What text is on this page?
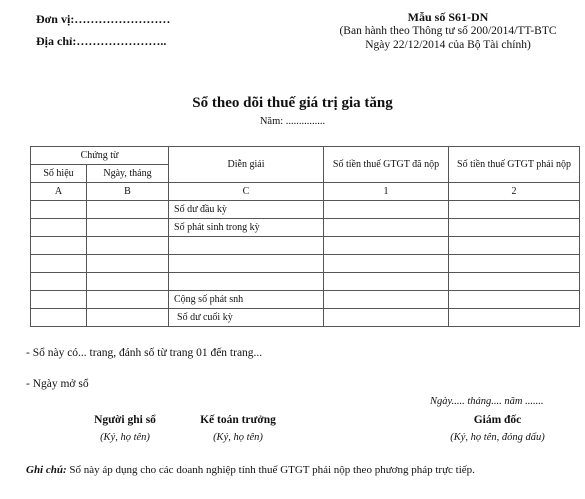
Đơn vị:……………………
Địa chỉ:…………………..
Mẫu số S61-DN
(Ban hành theo Thông tư số 200/2014/TT-BTC
Ngày 22/12/2014 của Bộ Tài chính)
Sổ theo dõi thuế giá trị gia tăng
Năm: ...............
Chứng từ		Diễn giải	Số tiền thuế GTGT đã nộp	Số tiền thuế GTGT phải nộp
Số hiệu	Ngày, tháng			
A	B	C	1	2
		Số dư đầu kỳ		
		Số phát sinh trong kỳ		

		Cộng số phát snh		
		Số dư cuối kỳ		
- Sổ này có... trang, đánh số từ trang 01 đến trang...
- Ngày mở sổ
Ngày..... tháng.... năm .......
Người ghi sổ
(Ký, họ tên)
Kế toán trưởng
(Ký, họ tên)
Giám đốc
(Ký, họ tên, đóng dấu)
Ghi chú: Sổ này áp dụng cho các doanh nghiệp tính thuế GTGT phải nộp theo phương pháp trực tiếp.
